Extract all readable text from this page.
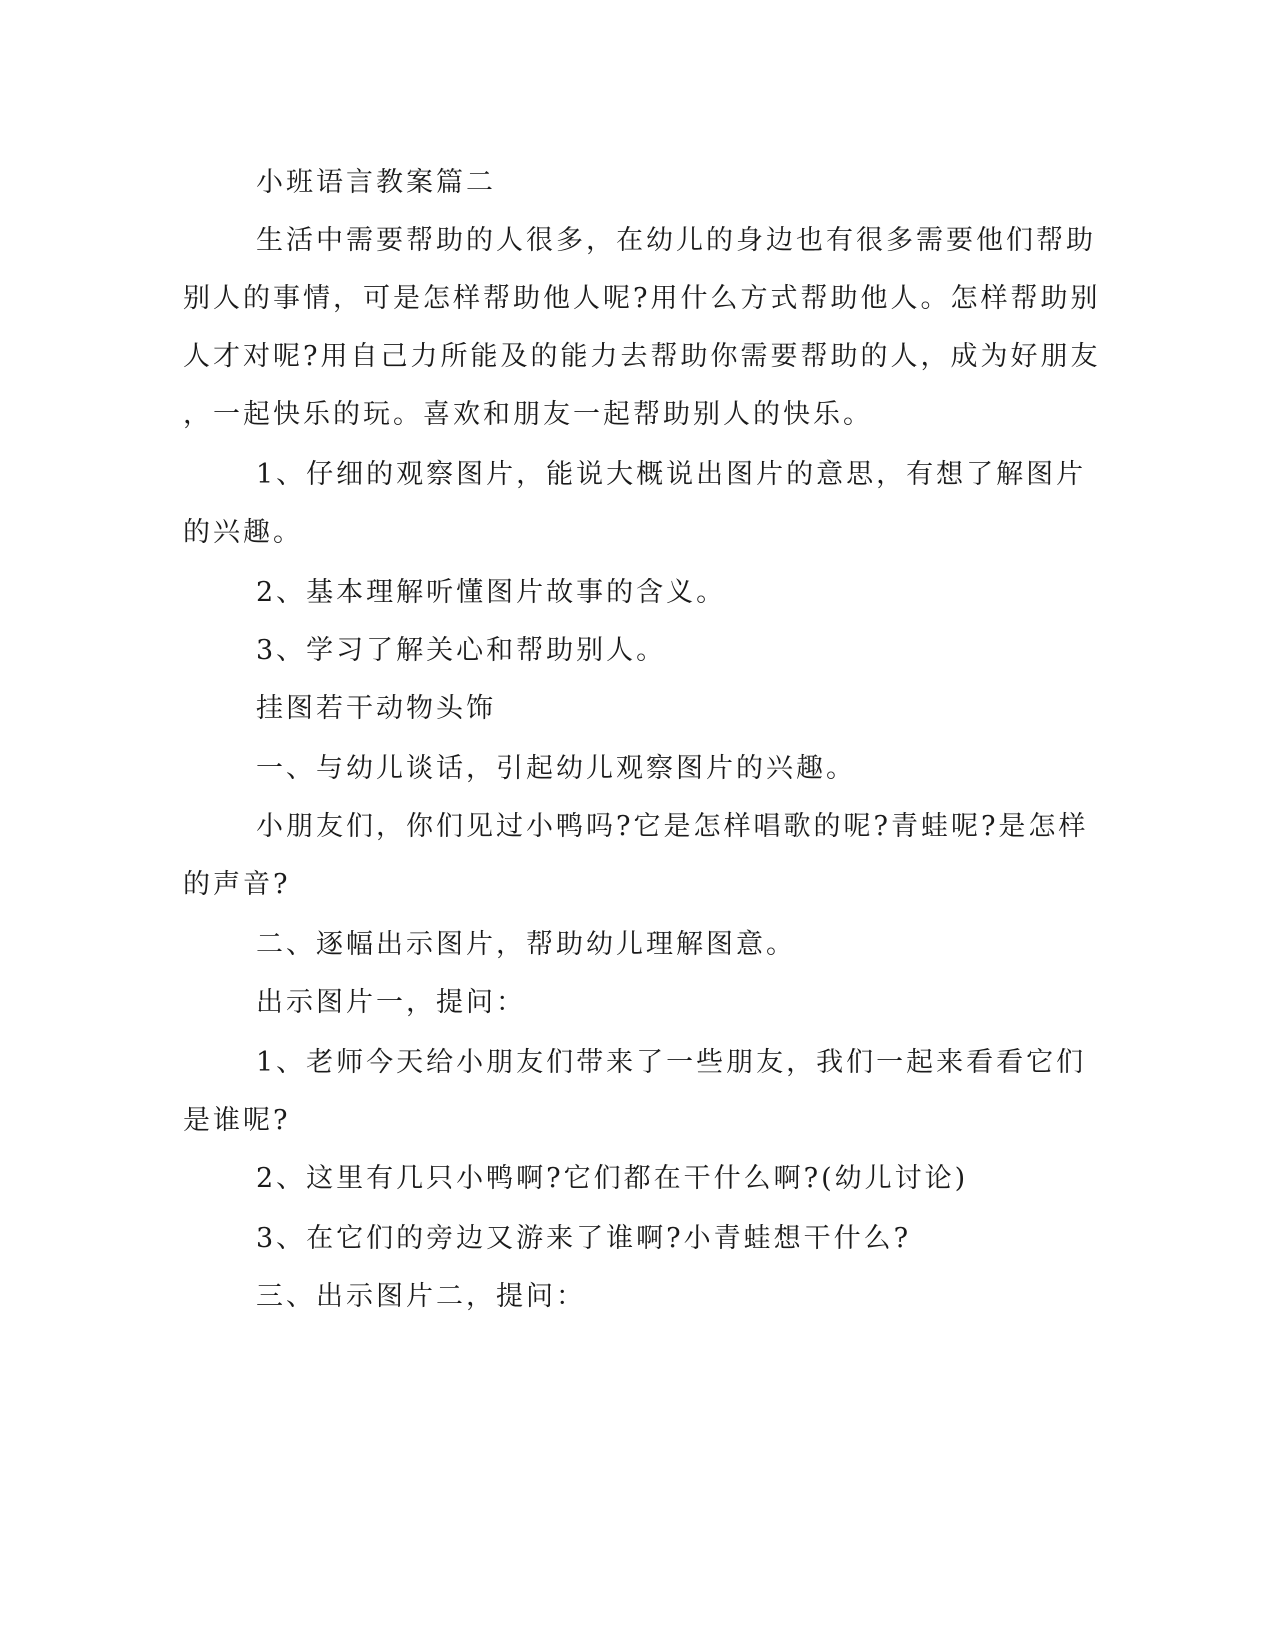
小班语言教案篇二
生活中需要帮助的人很多，在幼儿的身边也有很多需要他们帮助
别人的事情，可是怎样帮助他人呢?用什么方式帮助他人。怎样帮助别
人才对呢?用自己力所能及的能力去帮助你需要帮助的人，成为好朋友
，一起快乐的玩。喜欢和朋友一起帮助别人的快乐。
1、仔细的观察图片，能说大概说出图片的意思，有想了解图片
的兴趣。
2、基本理解听懂图片故事的含义。
3、学习了解关心和帮助别人。
挂图若干动物头饰
一、与幼儿谈话，引起幼儿观察图片的兴趣。
小朋友们，你们见过小鸭吗?它是怎样唱歌的呢?青蛙呢?是怎样
的声音?
二、逐幅出示图片，帮助幼儿理解图意。
出示图片一，提问：
1、老师今天给小朋友们带来了一些朋友，我们一起来看看它们
是谁呢?
2、这里有几只小鸭啊?它们都在干什么啊?(幼儿讨论)
3、在它们的旁边又游来了谁啊?小青蛙想干什么?
三、出示图片二，提问：
